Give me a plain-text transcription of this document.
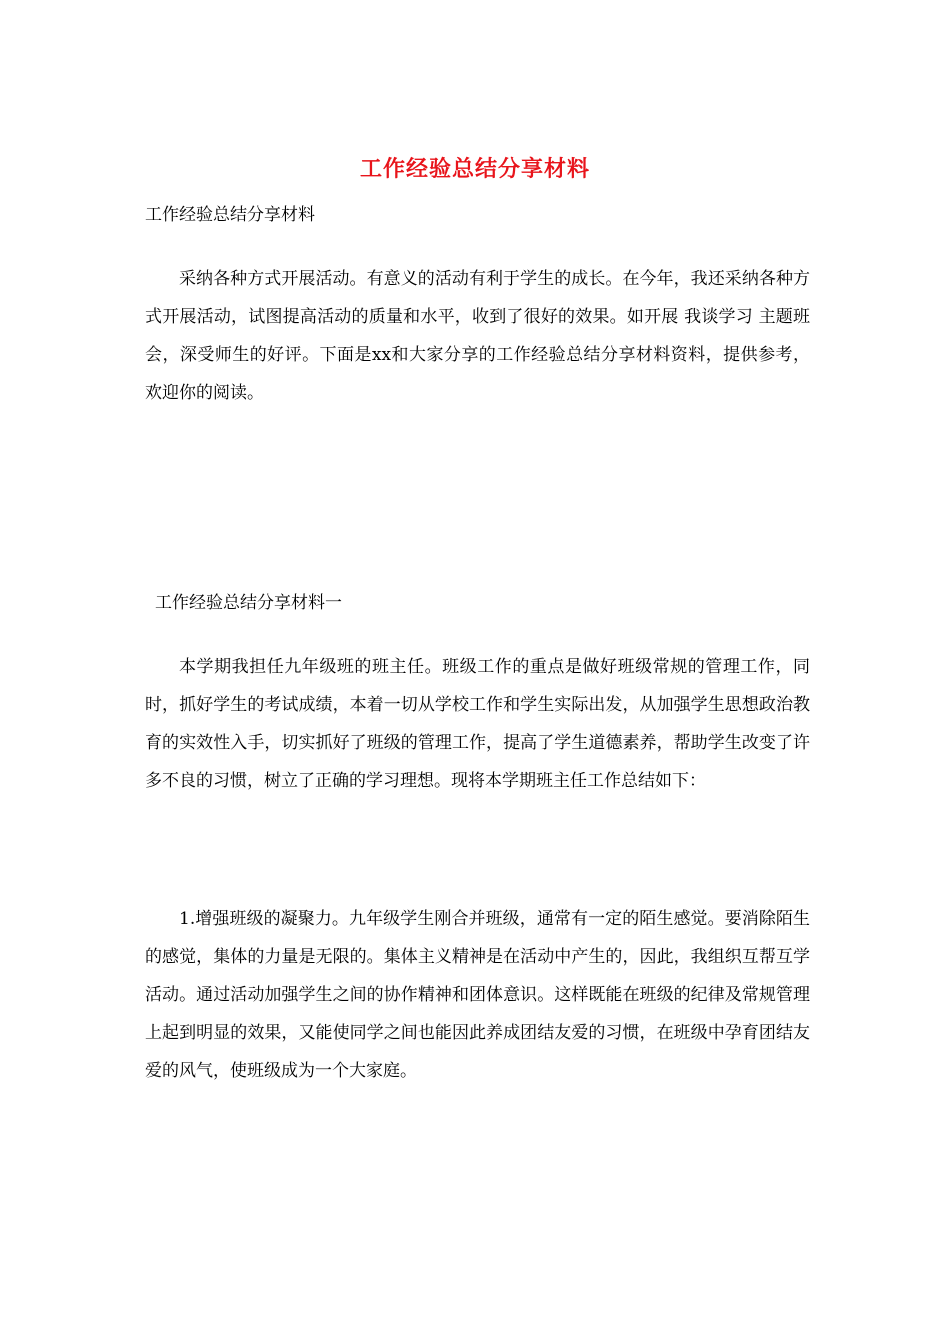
工作经验总结分享材料
工作经验总结分享材料

采纳各种方式开展活动。有意义的活动有利于学生的成长。在今年，我还采纳各种方式开展活动，试图提高活动的质量和水平，收到了很好的效果。如开展 我谈学习 主题班会，深受师生的好评。下面是xx和大家分享的工作经验总结分享材料资料，提供参考，欢迎你的阅读。

工作经验总结分享材料一

本学期我担任九年级班的班主任。班级工作的重点是做好班级常规的管理工作，同时，抓好学生的考试成绩，本着一切从学校工作和学生实际出发，从加强学生思想政治教育的实效性入手，切实抓好了班级的管理工作，提高了学生道德素养，帮助学生改变了许多不良的习惯，树立了正确的学习理想。现将本学期班主任工作总结如下：

1.增强班级的凝聚力。九年级学生刚合并班级，通常有一定的陌生感觉。要消除陌生的感觉，集体的力量是无限的。集体主义精神是在活动中产生的，因此，我组织互帮互学活动。通过活动加强学生之间的协作精神和团体意识。这样既能在班级的纪律及常规管理上起到明显的效果，又能使同学之间也能因此养成团结友爱的习惯，在班级中孕育团结友爱的风气，使班级成为一个大家庭。
